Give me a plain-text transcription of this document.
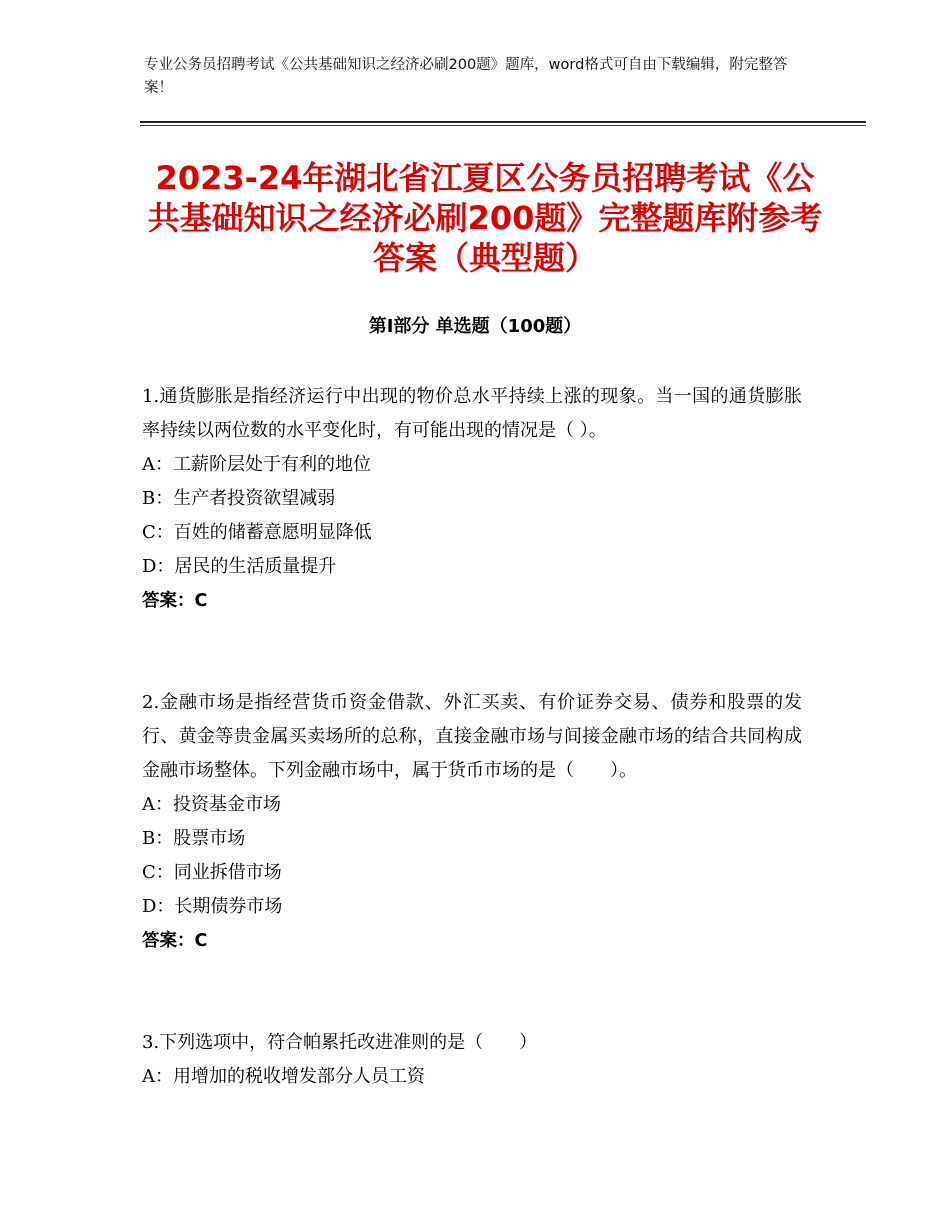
专业公务员招聘考试《公共基础知识之经济必刷200题》题库，word格式可自由下载编辑，附完整答案！
2023-24年湖北省江夏区公务员招聘考试《公共基础知识之经济必刷200题》完整题库附参考答案（典型题）
第Ⅰ部分 单选题（100题）

1.通货膨胀是指经济运行中出现的物价总水平持续上涨的现象。当一国的通货膨胀率持续以两位数的水平变化时，有可能出现的情况是（ ）。

A：工薪阶层处于有利的地位

B：生产者投资欲望减弱

C：百姓的储蓄意愿明显降低

D：居民的生活质量提升

答案：C

2.金融市场是指经营货币资金借款、外汇买卖、有价证券交易、债券和股票的发行、黄金等贵金属买卖场所的总称，直接金融市场与间接金融市场的结合共同构成金融市场整体。下列金融市场中，属于货币市场的是（　　）。

A：投资基金市场

B：股票市场

C：同业拆借市场

D：长期债券市场

答案：C

3.下列选项中，符合帕累托改进准则的是（　　）

A：用增加的税收增发部分人员工资
